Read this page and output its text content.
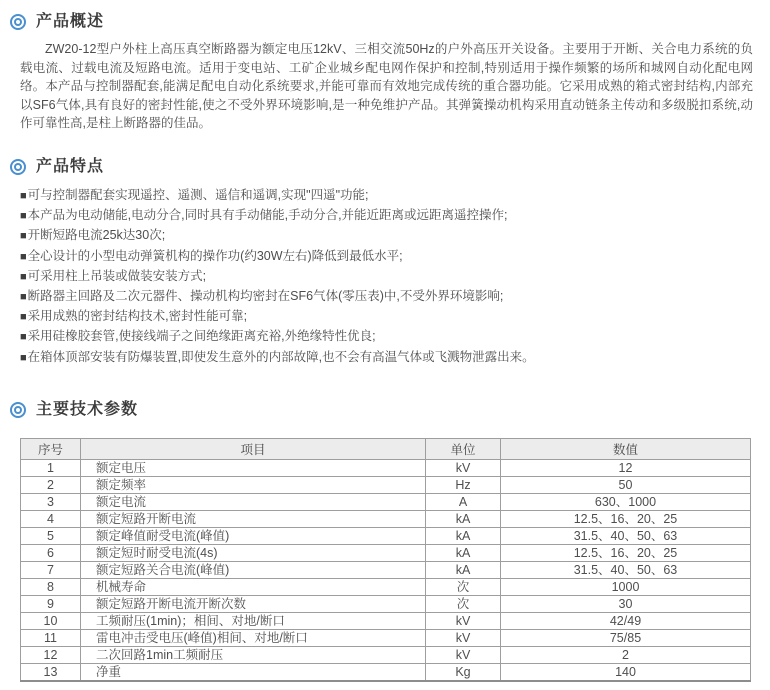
产品概述

ZW20-12型户外柱上高压真空断路器为额定电压12kV、三相交流50Hz的户外高压开关设备。主要用于开断、关合电力系统的负载电流、过载电流及短路电流。适用于变电站、工矿企业城乡配电网作保护和控制,特别适用于操作频繁的场所和城网自动化配电网络。本产品与控制器配套,能满足配电自动化系统要求,并能可靠而有效地完成传统的重合器功能。它采用成熟的箱式密封结构,内部充以SF6气体,具有良好的密封性能,使之不受外界环境影响,是一种免维护产品。其弹簧操动机构采用直动链条主传动和多级脱扣系统,动作可靠性高,是柱上断路器的佳品。

产品特点
■可与控制器配套实现遥控、遥测、遥信和遥调,实现"四遥"功能;
■本产品为电动储能,电动分合,同时具有手动储能,手动分合,并能近距离或远距离遥控操作;
■开断短路电流25k达30次;
■全心设计的小型电动弹簧机构的操作功(约30W左右)降低到最低水平;
■可采用柱上吊装或做装安装方式;
■断路器主回路及二次元器件、操动机构均密封在SF6气体(零压表)中,不受外界环境影响;
■采用成熟的密封结构技术,密封性能可靠;
■采用硅橡胶套管,使接线端子之间绝缘距离充裕,外绝缘特性优良;
■在箱体顶部安装有防爆装置,即使发生意外的内部故障,也不会有高温气体或飞溅物泄露出来。
主要技术参数
序号	项目	单位	数值
1	额定电压	kV	12
2	额定频率	Hz	50
3	额定电流	A	630、1000
4	额定短路开断电流	kA	12.5、16、20、25
5	额定峰值耐受电流(峰值)	kA	31.5、40、50、63
6	额定短时耐受电流(4s)	kA	12.5、16、20、25
7	额定短路关合电流(峰值)	kA	31.5、40、50、63
8	机械寿命	次	1000
9	额定短路开断电流开断次数	次	30
10	工频耐压(1min)；相间、对地/断口	kV	42/49
11	雷电冲击受电压(峰值)相间、对地/断口	kV	75/85
12	二次回路1min工频耐压	kV	2
13	净重	Kg	140
